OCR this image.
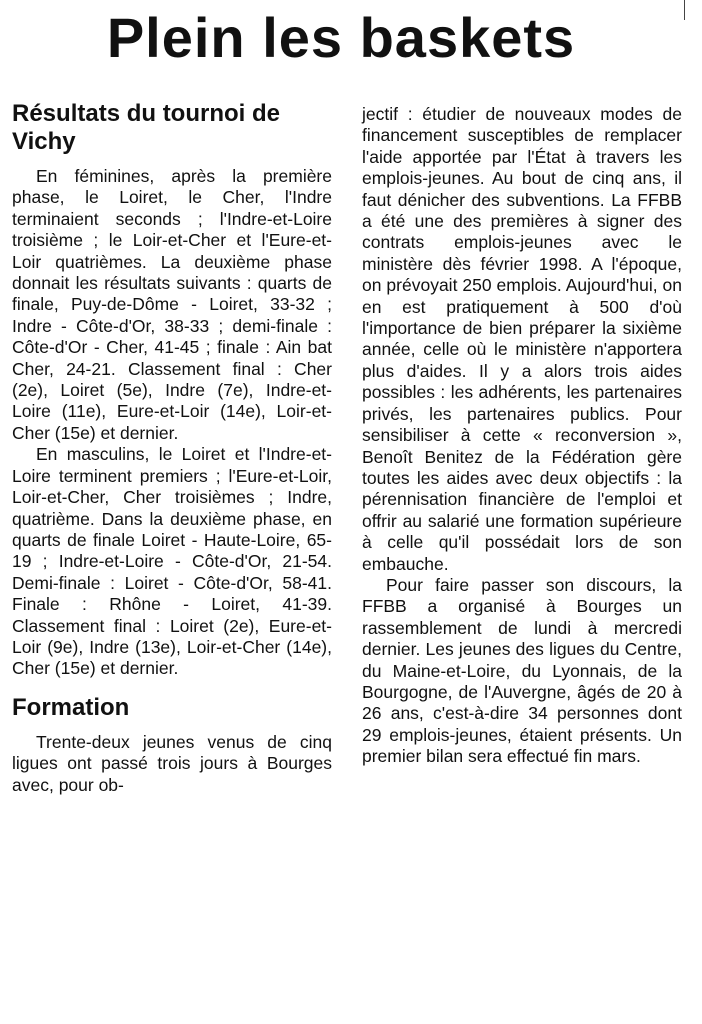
Plein les baskets
Résultats du tournoi de Vichy

En féminines, après la première phase, le Loiret, le Cher, l'Indre terminaient seconds ; l'Indre-et-Loire troisième ; le Loir-et-Cher et l'Eure-et-Loir quatrièmes. La deuxième phase donnait les résultats suivants : quarts de finale, Puy-de-Dôme - Loiret, 33-32 ; Indre - Côte-d'Or, 38-33 ; demi-finale : Côte-d'Or - Cher, 41-45 ; finale : Ain bat Cher, 24-21. Classement final : Cher (2e), Loiret (5e), Indre (7e), Indre-et-Loire (11e), Eure-et-Loir (14e), Loir-et-Cher (15e) et dernier.

En masculins, le Loiret et l'Indre-et-Loire terminent premiers ; l'Eure-et-Loir, Loir-et-Cher, Cher troisièmes ; Indre, quatrième. Dans la deuxième phase, en quarts de finale Loiret - Haute-Loire, 65-19 ; Indre-et-Loire - Côte-d'Or, 21-54. Demi-finale : Loiret - Côte-d'Or, 58-41. Finale : Rhône - Loiret, 41-39. Classement final : Loiret (2e), Eure-et-Loir (9e), Indre (13e), Loir-et-Cher (14e), Cher (15e) et dernier.

Formation

Trente-deux jeunes venus de cinq ligues ont passé trois jours à Bourges avec, pour ob-

jectif : étudier de nouveaux modes de financement susceptibles de remplacer l'aide apportée par l'État à travers les emplois-jeunes. Au bout de cinq ans, il faut dénicher des subventions. La FFBB a été une des premières à signer des contrats emplois-jeunes avec le ministère dès février 1998. A l'époque, on prévoyait 250 emplois. Aujourd'hui, on en est pratiquement à 500 d'où l'importance de bien préparer la sixième année, celle où le ministère n'apportera plus d'aides. Il y a alors trois aides possibles : les adhérents, les partenaires privés, les partenaires publics. Pour sensibiliser à cette « reconversion », Benoît Benitez de la Fédération gère toutes les aides avec deux objectifs : la pérennisation financière de l'emploi et offrir au salarié une formation supérieure à celle qu'il possédait lors de son embauche.

Pour faire passer son discours, la FFBB a organisé à Bourges un rassemblement de lundi à mercredi dernier. Les jeunes des ligues du Centre, du Maine-et-Loire, du Lyonnais, de la Bourgogne, de l'Auvergne, âgés de 20 à 26 ans, c'est-à-dire 34 personnes dont 29 emplois-jeunes, étaient présents. Un premier bilan sera effectué fin mars.
